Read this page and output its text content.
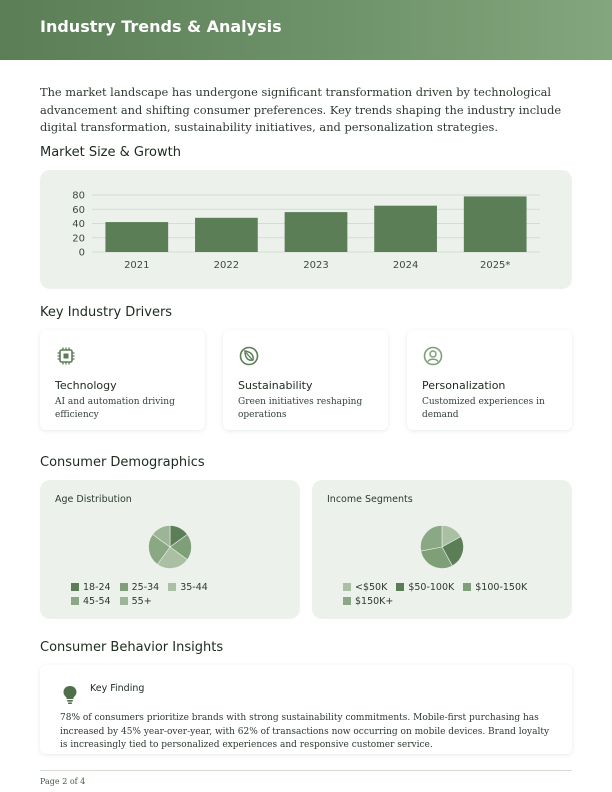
Industry Trends & Analysis
The market landscape has undergone significant transformation driven by technological advancement and shifting consumer preferences. Key trends shaping the industry include digital transformation, sustainability initiatives, and personalization strategies.
Market Size & Growth
0
20
40
60
80
2021	2022	2023	2024	2025*
Key Industry Drivers
Technology
AI and automation driving efficiency
Sustainability
Green initiatives reshaping operations
Personalization
Customized experiences in demand
Consumer Demographics
Age Distribution
18-24 25-34 35-44
45-54 55+
Income Segments
<$50K $50-100K $100-150K
$150K+
Consumer Behavior Insights
Key Finding
78% of consumers prioritize brands with strong sustainability commitments. Mobile-first purchasing has increased by 45% year-over-year, with 62% of transactions now occurring on mobile devices. Brand loyalty is increasingly tied to personalized experiences and responsive customer service.
Page 2 of 4
